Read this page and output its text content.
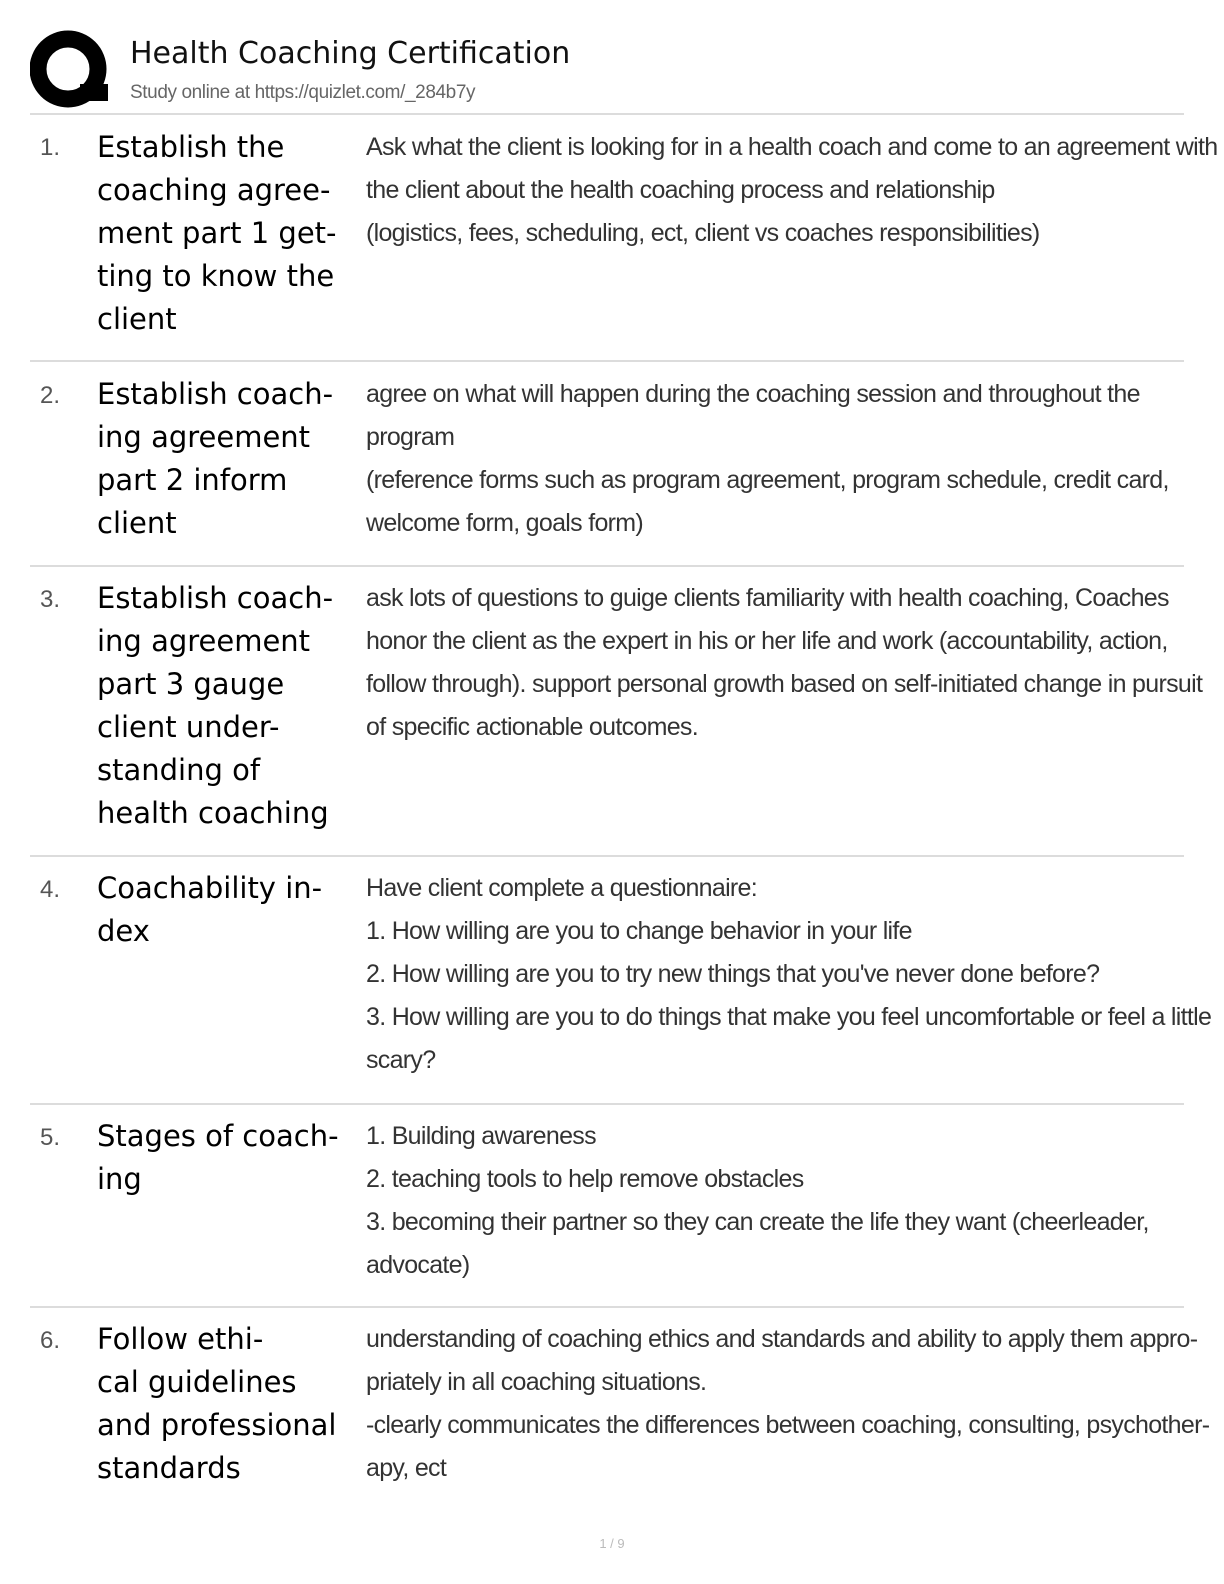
Health Coaching Certification
Study online at https://quizlet.com/_284b7y
1. Establish the
coaching agree-
ment part 1 get-
ting to know the
client
Ask what the client is looking for in a health coach and come to an agreement with
the client about the health coaching process and relationship
(logistics, fees, scheduling, ect, client vs coaches responsibilities)
2. Establish coach-
ing agreement
part 2 inform
client
agree on what will happen during the coaching session and throughout the
program
(reference forms such as program agreement, program schedule, credit card,
welcome form, goals form)
3. Establish coach-
ing agreement
part 3 gauge
client under-
standing of
health coaching
ask lots of questions to guige clients familiarity with health coaching, Coaches
honor the client as the expert in his or her life and work (accountability, action,
follow through). support personal growth based on self-initiated change in pursuit
of specific actionable outcomes.
4. Coachability in-
dex
Have client complete a questionnaire:
1. How willing are you to change behavior in your life
2. How willing are you to try new things that you've never done before?
3. How willing are you to do things that make you feel uncomfortable or feel a little
scary?
5. Stages of coach-
ing
1. Building awareness
2. teaching tools to help remove obstacles
3. becoming their partner so they can create the life they want (cheerleader,
advocate)
6. Follow ethi-
cal guidelines
and professional
standards
understanding of coaching ethics and standards and ability to apply them appro-
priately in all coaching situations.
-clearly communicates the differences between coaching, consulting, psychother-
apy, ect
1 / 9
